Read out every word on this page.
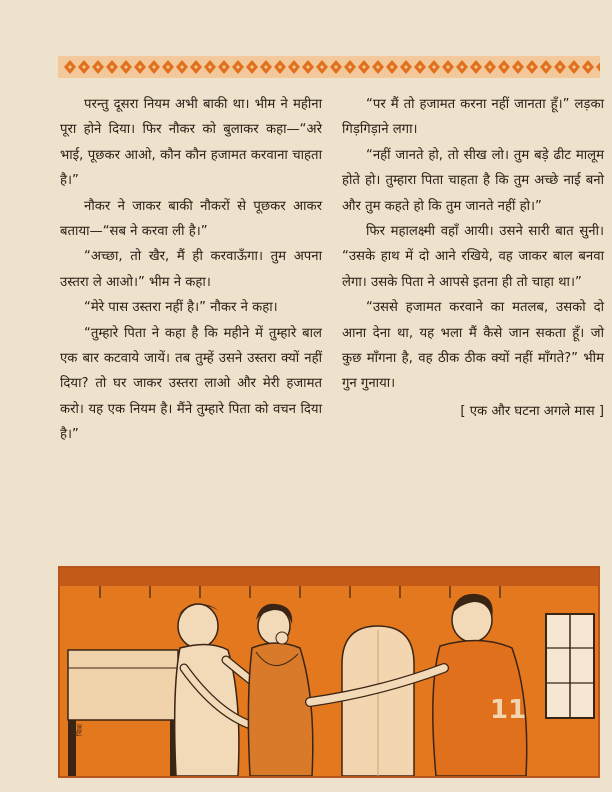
परन्तु दूसरा नियम अभी बाकी था। भीम ने महीना पूरा होने दिया। फिर नौकर को बुलाकर कहा—“अरे भाई, पूछकर आओ, कौन कौन हजामत करवाना चाहता है।”

नौकर ने जाकर बाकी नौकरों से पूछकर आकर बताया—“सब ने करवा ली है।”

“अच्छा, तो खैर, मैं ही करवाऊँगा। तुम अपना उस्तरा ले आओ।” भीम ने कहा।

“मेरे पास उस्तरा नहीं है।” नौकर ने कहा।

“तुम्हारे पिता ने कहा है कि महीने में तुम्हारे बाल एक बार कटवाये जायें। तब तुम्हें उसने उस्तरा क्यों नहीं दिया? तो घर जाकर उस्तरा लाओ और मेरी हजामत करो। यह एक नियम है। मैंने तुम्हारे पिता को वचन दिया है।”

“पर मैं तो हजामत करना नहीं जानता हूँ।” लड़का गिड़गिड़ाने लगा।

“नहीं जानते हो, तो सीख लो। तुम बड़े ढीट मालूम होते हो। तुम्हारा पिता चाहता है कि तुम अच्छे नाई बनो और तुम कहते हो कि तुम जानते नहीं हो।”

फिर महालक्ष्मी वहाँ आयी। उसने सारी बात सुनी। “उसके हाथ में दो आने रखिये, वह जाकर बाल बनवा लेगा। उसके पिता ने आपसे इतना ही तो चाहा था।”

“उससे हजामत करवाने का मतलब, उसको दो आना देना था, यह भला मैं कैसे जान सकता हूँ। जो कुछ माँगना है, वह ठीक ठीक क्यों नहीं माँगते?” भीम गुन गुनाया।

[ एक और घटना अगले मास ]

11
चित्रा
